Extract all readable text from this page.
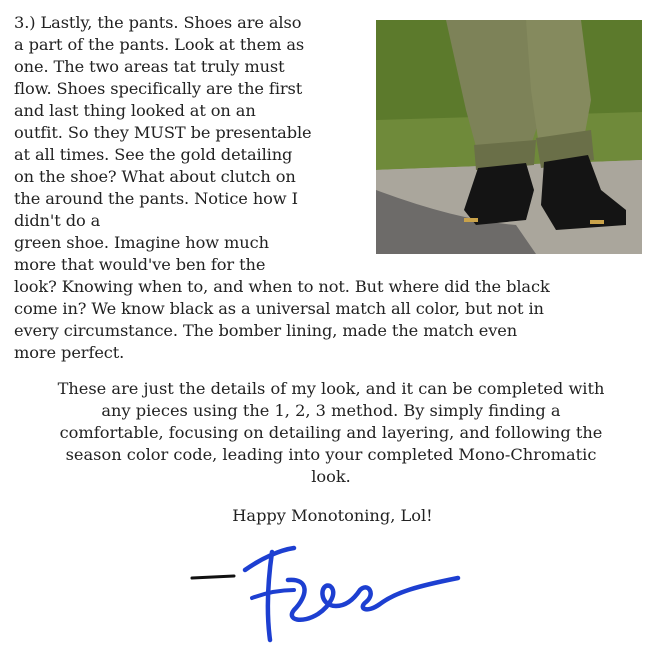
3.) Lastly, the pants. Shoes are also
a part of the pants. Look at them as
one. The two areas tat truly must
flow. Shoes specifically are the first
and last thing looked at on an
outfit. So they MUST be presentable
at all times. See the gold detailing
on the shoe? What about clutch on
the around the pants. Notice how I
didn't do a
green shoe. Imagine how much
more that would've ben for the
look? Knowing when to, and when to not. But where did the black
come in? We know black as a universal match all color, but not in
every circumstance. The bomber lining, made the match even
more perfect.
These are just the details of my look, and it can be completed with
any pieces using the 1, 2, 3 method. By simply finding a
comfortable, focusing on detailing and layering, and following the
season color code, leading into your completed Mono-Chromatic
look.
Happy Monotoning, Lol!
